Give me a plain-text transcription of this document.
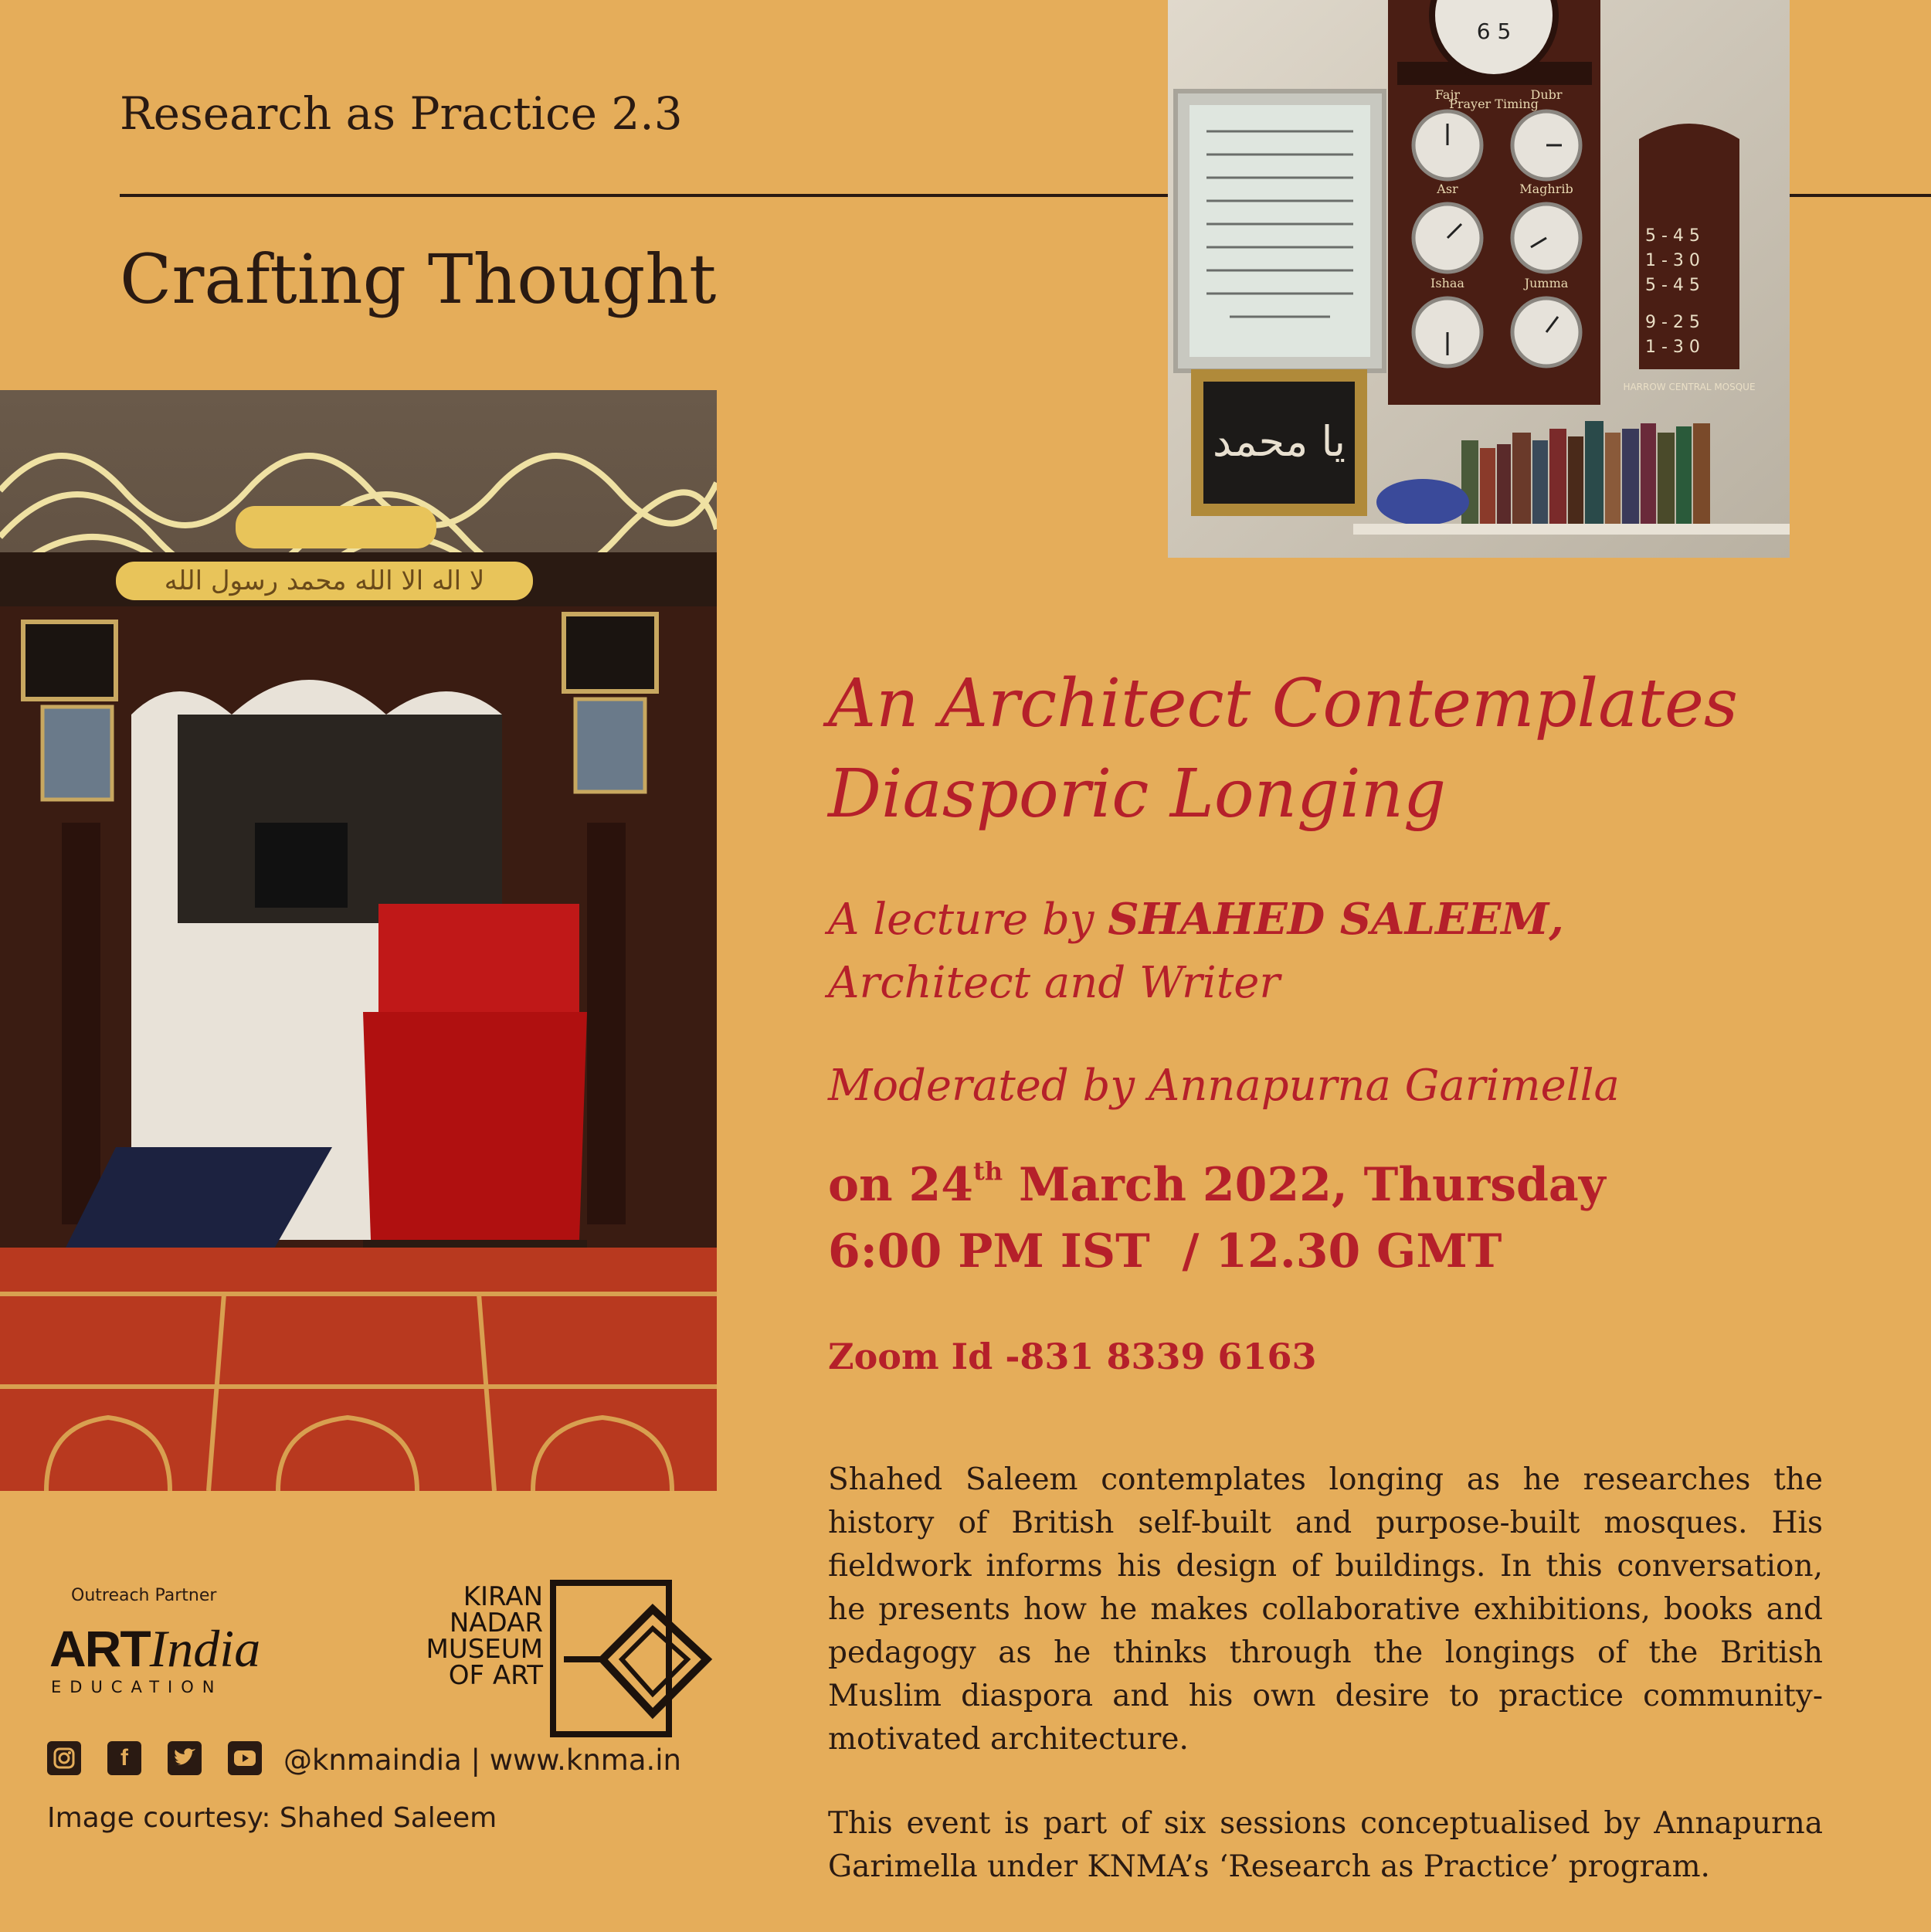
Research as Practice 2.3
Crafting Thought
يا محمد
6 5
Fajr
Prayer Timing
Dubr
Asr	Maghrib
Ishaa	Jumma
5 - 4 5
1 - 3 0
5 - 4 5
9 - 2 5
1 - 3 0
HARROW CENTRAL MOSQUE
لا اله الا الله محمد رسول الله
An Architect Contemplates
Diasporic Longing
A lecture by SHAHED SALEEM,
Architect and Writer
Moderated by Annapurna Garimella
on 24th March 2022, Thursday
6:00 PM IST  / 12.30 GMT
Zoom Id -831 8339 6163

Shahed Saleem contemplates longing as he researches the history of British self-built and purpose-built mosques. His fieldwork informs his design of buildings. In this conversation, he presents how he makes collaborative exhibitions, books and pedagogy as he thinks through the longings of the British Muslim diaspora and his own desire to practice community-motivated architecture.

This event is part of six sessions conceptualised by Annapurna Garimella under KNMA’s ‘Research as Practice’ program.

Outreach Partner
ARTIndia
EDUCATION
KIRAN
NADAR
MUSEUM
OF ART
f	@knmaindia | www.knma.in
Image courtesy: Shahed Saleem
